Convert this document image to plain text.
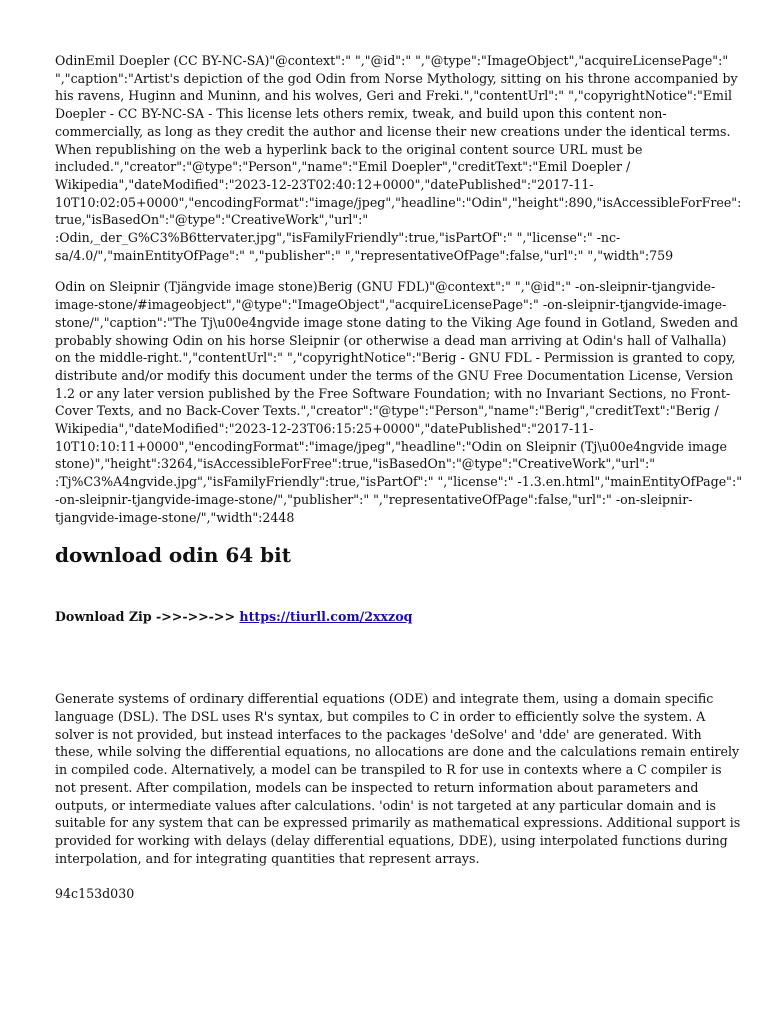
OdinEmil Doepler (CC BY-NC-SA)"@context":" ","@id":" ","@type":"ImageObject","acquireLicensePage":" ","caption":"Artist's depiction of the god Odin from Norse Mythology, sitting on his throne accompanied by his ravens, Huginn and Muninn, and his wolves, Geri and Freki.","contentUrl":" ","copyrightNotice":"Emil Doepler - CC BY-NC-SA - This license lets others remix, tweak, and build upon this content non-commercially, as long as they credit the author and license their new creations under the identical terms. When republishing on the web a hyperlink back to the original content source URL must be included.","creator":"@type":"Person","name":"Emil Doepler","creditText":"Emil Doepler / Wikipedia","dateModified":"2023-12-23T02:40:12+0000","datePublished":"2017-11-10T10:02:05+0000","encodingFormat":"image/jpeg","headline":"Odin","height":890,"isAccessibleForFree":true,"isBasedOn":"@type":"CreativeWork","url":" :Odin,_der_G%C3%B6ttervater.jpg","isFamilyFriendly":true,"isPartOf":" ","license":" -nc-sa/4.0/","mainEntityOfPage":" ","publisher":" ","representativeOfPage":false,"url":" ","width":759

Odin on Sleipnir (Tjängvide image stone)Berig (GNU FDL)"@context":" ","@id":" -on-sleipnir-tjangvide-image-stone/#imageobject","@type":"ImageObject","acquireLicensePage":" -on-sleipnir-tjangvide-image-stone/","caption":"The Tj\u00e4ngvide image stone dating to the Viking Age found in Gotland, Sweden and probably showing Odin on his horse Sleipnir (or otherwise a dead man arriving at Odin's hall of Valhalla) on the middle-right.","contentUrl":" ","copyrightNotice":"Berig - GNU FDL - Permission is granted to copy, distribute and/or modify this document under the terms of the GNU Free Documentation License, Version 1.2 or any later version published by the Free Software Foundation; with no Invariant Sections, no Front-Cover Texts, and no Back-Cover Texts.","creator":"@type":"Person","name":"Berig","creditText":"Berig / Wikipedia","dateModified":"2023-12-23T06:15:25+0000","datePublished":"2017-11-10T10:10:11+0000","encodingFormat":"image/jpeg","headline":"Odin on Sleipnir (Tj\u00e4ngvide image stone)","height":3264,"isAccessibleForFree":true,"isBasedOn":"@type":"CreativeWork","url":" :Tj%C3%A4ngvide.jpg","isFamilyFriendly":true,"isPartOf":" ","license":" -1.3.en.html","mainEntityOfPage":" -on-sleipnir-tjangvide-image-stone/","publisher":" ","representativeOfPage":false,"url":" -on-sleipnir-tjangvide-image-stone/","width":2448

download odin 64 bit

Download Zip ->>->>->> https://tiurll.com/2xxzoq

Generate systems of ordinary differential equations (ODE) and integrate them, using a domain specific language (DSL). The DSL uses R's syntax, but compiles to C in order to efficiently solve the system. A solver is not provided, but instead interfaces to the packages 'deSolve' and 'dde' are generated. With these, while solving the differential equations, no allocations are done and the calculations remain entirely in compiled code. Alternatively, a model can be transpiled to R for use in contexts where a C compiler is not present. After compilation, models can be inspected to return information about parameters and outputs, or intermediate values after calculations. 'odin' is not targeted at any particular domain and is suitable for any system that can be expressed primarily as mathematical expressions. Additional support is provided for working with delays (delay differential equations, DDE), using interpolated functions during interpolation, and for integrating quantities that represent arrays.

94c153d030
